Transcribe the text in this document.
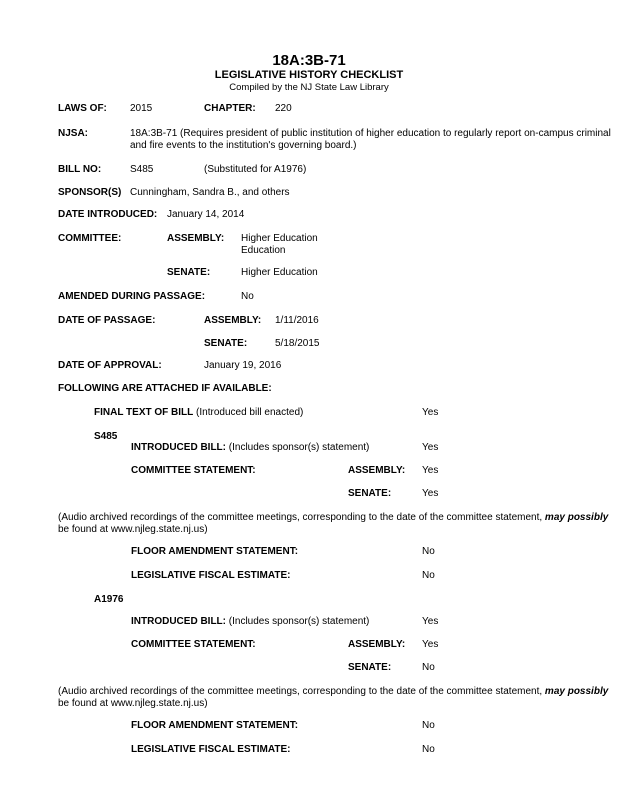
18A:3B-71
LEGISLATIVE HISTORY CHECKLIST
Compiled by the NJ State Law Library
LAWS OF: 2015	CHAPTER: 220
NJSA:	18A:3B-71 (Requires president of public institution of higher education to regularly report on-campus criminal
and fire events to the institution's governing board.)
BILL NO:	S485	(Substituted for A1976)
SPONSOR(S) Cunningham, Sandra B., and others
DATE INTRODUCED: January 14, 2014
COMMITTEE:	ASSEMBLY: Higher Education
Education
SENATE:	Higher Education
AMENDED DURING PASSAGE:	No
DATE OF PASSAGE:	ASSEMBLY: 1/11/2016
SENATE:	5/18/2015
DATE OF APPROVAL:	January 19, 2016
FOLLOWING ARE ATTACHED IF AVAILABLE:
FINAL TEXT OF BILL (Introduced bill enacted)	Yes
S485
INTRODUCED BILL: (Includes sponsor(s) statement)	Yes
COMMITTEE STATEMENT:	ASSEMBLY: Yes
SENATE:	Yes
(Audio archived recordings of the committee meetings, corresponding to the date of the committee statement, may possibly
be found at www.njleg.state.nj.us)
FLOOR AMENDMENT STATEMENT:	No
LEGISLATIVE FISCAL ESTIMATE:	No
A1976
INTRODUCED BILL: (Includes sponsor(s) statement)	Yes
COMMITTEE STATEMENT:	ASSEMBLY: Yes
SENATE:	No
(Audio archived recordings of the committee meetings, corresponding to the date of the committee statement, may possibly
be found at www.njleg.state.nj.us)
FLOOR AMENDMENT STATEMENT:	No
LEGISLATIVE FISCAL ESTIMATE:	No
